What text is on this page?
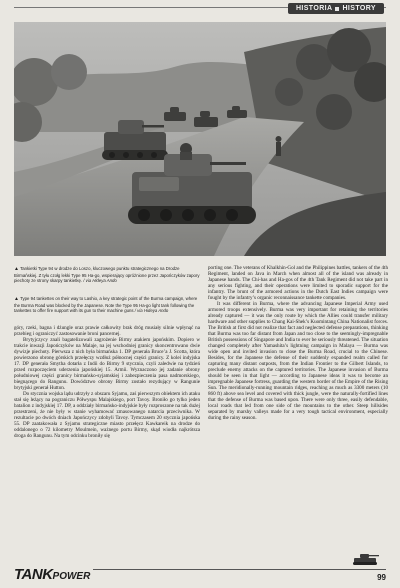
HISTORIA HISTORY
▲ Tankietki Type 94 w drodze do Loszo, kluczowego punktu strategicznego na Drodze Birmańskiej. Z tyłu czołg lekki Type 95 Ha-go, wspierający opróżnione przez Japończyków zapory piechoty ze strony skarpy tankietkę. / via Hideya Ando
▲ Type 94 tankettes on their way to Lashio, a key strategic point of the Burma campaign, where the Burma Road was blocked by the Japanese. Note the Type 95 Ha-go light tank following the tankettes to offer fire support with its gun to their machine guns / via Hideya Ando

góry, rzeki, bagna i dżungle oraz prawie całkowity brak dróg musiały silnie wpłynąć na przebieg i ograniczyć zastosowanie broni pancernej.

Brytyjczycy znali bagatelizowali zagrożenie Birmy atakiem japońskim. Dopiero w trakcie inwazji Japończyków na Malaje, na jej wschodniej granicy skoncentrowano dwie dywizje piechoty. Pierwsza z nich była birmańska 1. DP generała Bruce’a J. Scotta, która powierzono obronę górskich przełęczy wzdłuż północnej części granicy. Z kolei indyjska 17. DP generała Smytha dotarła z Indii do Birmy 9 stycznia, czyli zaledwie na tydzień przed rozpoczęciem uderzenia japońskiej 15. Armii. Wyznaczono jej zadanie obrony południowej części granicy birmańsko-syjamskiej i zabezpieczenia pasa nadmorskiego, biegnącego do Rangunu. Dowództwo obrony Birmy zostało rezydujący w Rangunie brytyjski generał Hutton.

Do stycznia wojska lądu udrzyły z obszaru Syjamu, zaś pierwszym obiektem ich ataku stał się leżący na pograniczu Półwyspu Malajskiego, port Tavoy. Broniło go tylko jeden batalion z indyjskiej 17. DP, a oddziały birmańsko-indyjskie były rozproszone na tak dużej przestrzeni, że nie były w stanie wyhamować zmasowanego natarcia przeciwnika. W rezultacie po dwóch dniach Japończycy zdobyli Tavoy. Tymczasem 20 stycznia japońska 55. DP zaatakowała z Syjamu strategiczne miasto przełęcz Kawkareik na drodze do oddalonego o 72 kilometry Moulmein, ważnego portu Birmy, skąd wiodła najkrótsza droga do Rangunu. Na tym odcinku broniły się

porting one. The veterans of Khalkhin-Gol and the Philippines battles, tankers of the 4th Regiment, landed on Java in March when almost all of the island was already in Japanese hands. The Chi-has and Ha-gos of the 4th Tank Regiment did not take part in any serious fighting, and their operations were limited to sporadic support for the infantry. The brunt of the armored actions in the Dutch East Indies campaign were fought by the infantry’s organic reconnaissance tankette companies.

It was different in Burma, where the advancing Japanese Imperial Army used armored troops extensively. Burma was very important for retaining the territories already captured — it was the only route by which the Allies could transfer military hardware and other supplies to Chang Kai-Shek’s Kuomintang China Nationalist forces. The British at first did not realize that fact and neglected defense preparations, thinking that Burma was too far distant from Japan and too close to the seemingly-impregnable British possessions of Singapore and India to ever be seriously threatened. The situation changed completely after Yamashita’s lightning campaign in Malaya — Burma was wide open and invited invasion to close the Burma Road, crucial to the Chinese. Besides, for the Japanese the defense of their suddenly expanded realm called for capturing many distant outposts, from the Indian Frontier to the Gilbert Islands, to preclude enemy attacks on the captured territories. The Japanese invasion of Burma should be seen in that light — according to Japanese ideas it was to become an impregnable Japanese fortress, guarding the western border of the Empire of the Rising Sun. The meridionally-running mountain ridges, reaching as much as 3300 meters (10 860 ft) above sea level and covered with thick jungle, were the naturally-fortified lines that the defense of Burma was based upon. There were only three, easily defendable, local roads that led from one side of the mountains to the other. Steep hillsides separated by marshy valleys made for a very tough tactical environment, especially during the rainy season.

TANK POWER	99
